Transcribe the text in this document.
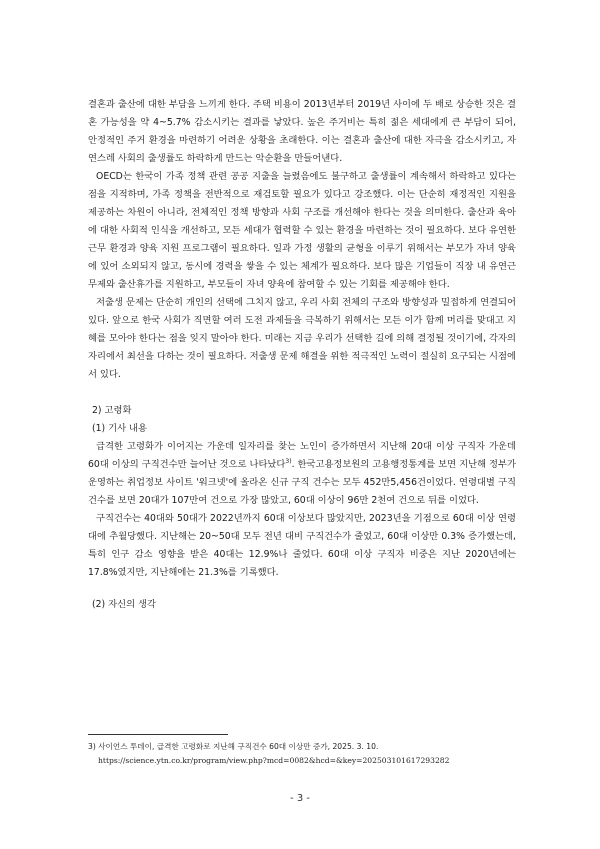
결혼과 출산에 대한 부담을 느끼게 한다. 주택 비용이 2013년부터 2019년 사이에 두 배로 상승한 것은 결혼 가능성을 약 4~5.7% 감소시키는 결과를 낳았다. 높은 주거비는 특히 젊은 세대에게 큰 부담이 되어, 안정적인 주거 환경을 마련하기 어려운 상황을 초래한다. 이는 결혼과 출산에 대한 자극을 감소시키고, 자연스레 사회의 출생률도 하락하게 만드는 악순환을 만들어낸다.

OECD는 한국이 가족 정책 관련 공공 지출을 늘렸음에도 불구하고 출생률이 계속해서 하락하고 있다는 점을 지적하며, 가족 정책을 전반적으로 재검토할 필요가 있다고 강조했다. 이는 단순히 재정적인 지원을 제공하는 차원이 아니라, 전체적인 정책 방향과 사회 구조를 개선해야 한다는 것을 의미한다. 출산과 육아에 대한 사회적 인식을 개선하고, 모든 세대가 협력할 수 있는 환경을 마련하는 것이 필요하다. 보다 유연한 근무 환경과 양육 지원 프로그램이 필요하다. 일과 가정 생활의 균형을 이루기 위해서는 부모가 자녀 양육에 있어 소외되지 않고, 동시에 경력을 쌓을 수 있는 체계가 필요하다. 보다 많은 기업들이 직장 내 유연근무제와 출산휴가를 지원하고, 부모들이 자녀 양육에 참여할 수 있는 기회를 제공해야 한다.

저출생 문제는 단순히 개인의 선택에 그치지 않고, 우리 사회 전체의 구조와 방향성과 밀접하게 연결되어 있다. 앞으로 한국 사회가 직면할 여러 도전 과제들을 극복하기 위해서는 모든 이가 함께 머리를 맞대고 지혜를 모아야 한다는 점을 잊지 말아야 한다. 미래는 지금 우리가 선택한 길에 의해 결정될 것이기에, 각자의 자리에서 최선을 다하는 것이 필요하다. 저출생 문제 해결을 위한 적극적인 노력이 절실히 요구되는 시점에 서 있다.

2) 고령화

(1) 기사 내용

급격한 고령화가 이어지는 가운데 일자리를 찾는 노인이 증가하면서 지난해 20대 이상 구직자 가운데 60대 이상의 구직건수만 늘어난 것으로 나타났다$^{3)}$. 한국고용정보원의 고용행정통계를 보면 지난해 정부가 운영하는 취업정보 사이트 '워크넷'에 올라온 신규 구직 건수는 모두 452만5,456건이었다. 연령대별 구직건수를 보면 20대가 107만여 건으로 가장 많았고, 60대 이상이 96만 2천여 건으로 뒤를 이었다.

구직건수는 40대와 50대가 2022년까지 60대 이상보다 많았지만, 2023년을 기점으로 60대 이상 연령대에 추월당했다. 지난해는 20~50대 모두 전년 대비 구직건수가 줄었고, 60대 이상만 0.3% 증가했는데, 특히 인구 감소 영향을 받은 40대는 12.9%나 줄었다. 60대 이상 구직자 비중은 지난 2020년에는 17.8%였지만, 지난해에는 21.3%를 기록했다.

(2) 자신의 생각

3) 사이언스 투데이, 급격한 고령화로 지난해 구직건수 60대 이상만 증가, 2025. 3. 10.
https://science.ytn.co.kr/program/view.php?mcd=0082&hcd=&key=202503101617293282
- 3 -
